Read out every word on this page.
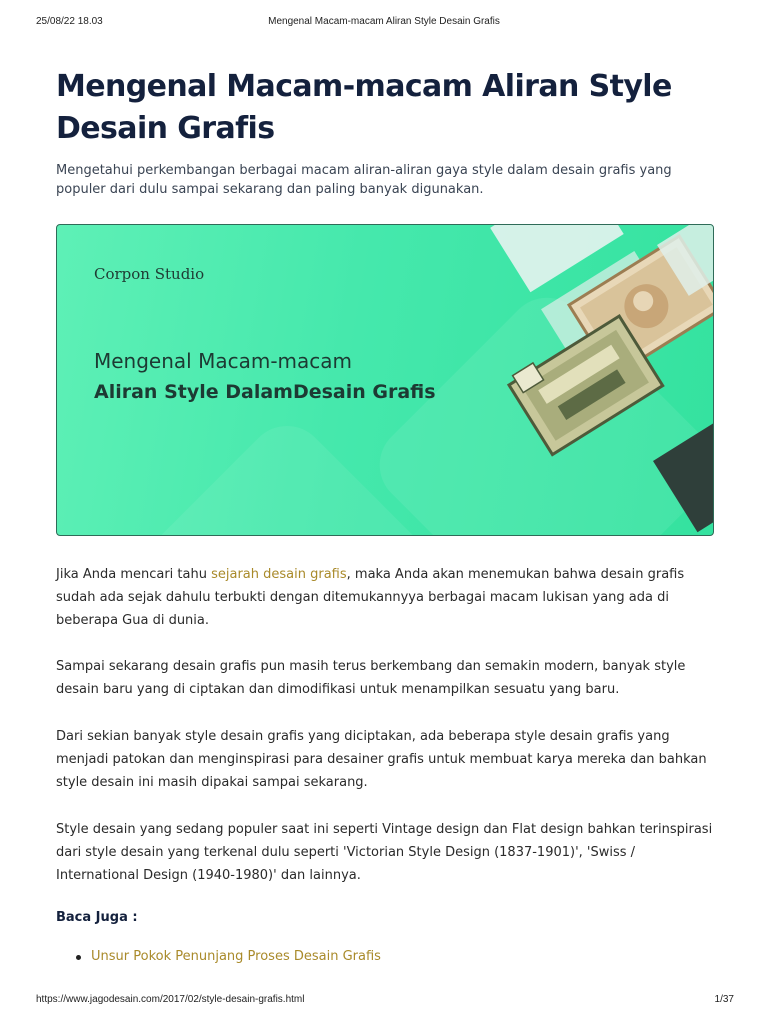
25/08/22 18.03	Mengenal Macam-macam Aliran Style Desain Grafis
Mengenal Macam-macam Aliran Style Desain Grafis

Mengetahui perkembangan berbagai macam aliran-aliran gaya style dalam desain grafis yang populer dari dulu sampai sekarang dan paling banyak digunakan.

Corpon Studio
Mengenal Macam-macam
Aliran Style DalamDesain Grafis

Jika Anda mencari tahu sejarah desain grafis, maka Anda akan menemukan bahwa desain grafis sudah ada sejak dahulu terbukti dengan ditemukannyya berbagai macam lukisan yang ada di beberapa Gua di dunia.

Sampai sekarang desain grafis pun masih terus berkembang dan semakin modern, banyak style desain baru yang di ciptakan dan dimodifikasi untuk menampilkan sesuatu yang baru.

Dari sekian banyak style desain grafis yang diciptakan, ada beberapa style desain grafis yang menjadi patokan dan menginspirasi para desainer grafis untuk membuat karya mereka dan bahkan style desain ini masih dipakai sampai sekarang.

Style desain yang sedang populer saat ini seperti Vintage design dan Flat design bahkan terinspirasi dari style desain yang terkenal dulu seperti 'Victorian Style Design (1837-1901)', 'Swiss / International Design (1940-1980)' dan lainnya.

Baca Juga :

Unsur Pokok Penunjang Proses Desain Grafis
https://www.jagodesain.com/2017/02/style-desain-grafis.html	1/37
